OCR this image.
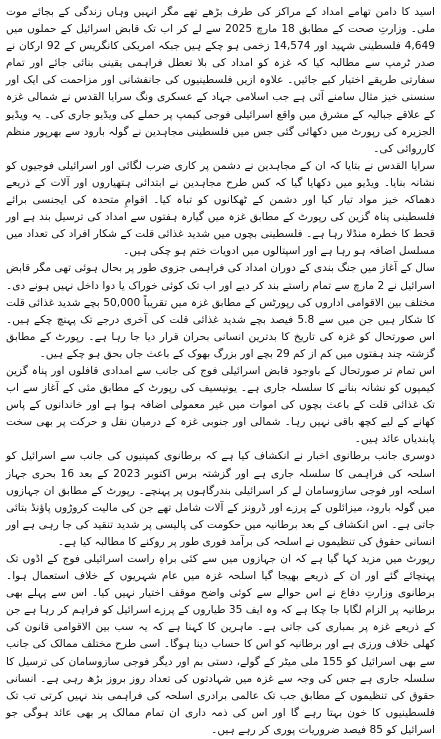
اسید کا دامن تھامے امداد کے مراکز کی طرف بڑھے تھے مگر انہیں وہاں زندگی کے بجائے موت ملی۔ وزارتِ صحت کے مطابق 18 مارچ 2025 سے لے کر اب تک قابض اسرائیل کے حملوں میں 4,649 فلسطینی شہید اور 14,574 زخمی ہو چکے ہیں جبکہ امریکی کانگریس کے 92 ارکان نے صدر ٹرمپ سے مطالبہ کیا کہ غزہ کو امداد کی بلا تعطل فراہمی یقینی بنائی جائے اور تمام سفارتی طریقے اختیار کیے جائیں۔ علاوہ ازیں فلسطینیوں کی جانفشانی اور مزاحمت کی ایک اور سنسنی خیز مثال سامنے آئی ہے جب اسلامی جہاد کے عسکری ونگ سرایا القدس نے شمالی غزہ کے علاقے جبالیہ کے مشرق میں واقع اسرائیلی فوجی کیمپ پر حملے کی ویڈیو جاری کی۔ یہ ویڈیو الجزیرہ کی رپورٹ میں دکھائی گئی جس میں فلسطینی مجاہدین نے گولہ بارود سے بھرپور منظم کارروائی کی۔

سرایا القدس نے بتایا کہ ان کے مجاہدین نے دشمن پر کاری ضرب لگائی اور اسرائیلی فوجیوں کو نشانہ بنایا۔ ویڈیو میں دکھایا گیا کہ کس طرح مجاہدین نے ابتدائی ہتھیاروں اور آلات کے ذریعے دھماکہ خیز مواد تیار کیا اور دشمن کے ٹھکانوں کو تباہ کیا۔ اقوامِ متحدہ کی ایجنسی برائے فلسطینی پناہ گزین کی رپورٹ کے مطابق غزہ میں گیارہ ہفتوں سے امداد کی ترسیل بند ہے اور قحط کا خطرہ منڈلا رہا ہے۔ فلسطینی بچوں میں شدید غذائی قلت کے شکار افراد کی تعداد میں مسلسل اضافہ ہو رہا ہے اور اسپتالوں میں ادویات ختم ہو چکی ہیں۔

سال کے آغاز میں جنگ بندی کے دوران امداد کی فراہمی جزوی طور پر بحال ہوئی تھی مگر قابض اسرائیل نے 2 مارچ سے تمام راستے بند کر دیے اور اب تک کوئی خوراک یا دوا داخل نہیں ہونے دی۔ مختلف بین الاقوامی اداروں کی رپورٹس کے مطابق غزہ میں تقریباً 50,000 بچے شدید غذائی قلت کا شکار ہیں جن میں سے 5.8 فیصد بچے شدید غذائی قلت کی آخری درجے تک پہنچ چکے ہیں۔ اس صورتحال کو غزہ کی تاریخ کا بدترین انسانی بحران قرار دیا جا رہا ہے۔ رپورٹ کے مطابق گزشتہ چند ہفتوں میں کم از کم 29 بچے اور بزرگ بھوک کے باعث جاں بحق ہو چکے ہیں۔

اس تمام تر صورتحال کے باوجود قابض اسرائیلی فوج کی جانب سے امدادی قافلوں اور پناہ گزین کیمپوں کو نشانہ بنانے کا سلسلہ جاری ہے۔ یونیسیف کی رپورٹ کے مطابق مئی کے آغاز سے اب تک غذائی قلت کے باعث بچوں کی اموات میں غیر معمولی اضافہ ہوا ہے اور خاندانوں کے پاس کھانے کے لیے کچھ باقی نہیں رہا۔ شمالی اور جنوبی غزہ کے درمیان نقل و حرکت پر بھی سخت پابندیاں عائد ہیں۔

دوسری جانب برطانوی اخبار نے انکشاف کیا ہے کہ برطانوی کمپنیوں کی جانب سے اسرائیل کو اسلحہ کی فراہمی کا سلسلہ جاری ہے اور گزشتہ برس اکتوبر 2023 کے بعد 16 بحری جہاز اسلحہ اور فوجی سازوسامان لے کر اسرائیلی بندرگاہوں پر پہنچے۔ رپورٹ کے مطابق ان جہازوں میں گولہ بارود، میزائلوں کے پرزے اور ڈرونز کے آلات شامل تھے جن کی مالیت کروڑوں پاؤنڈ بتائی جاتی ہے۔ اس انکشاف کے بعد برطانیہ میں حکومت کی پالیسی پر شدید تنقید کی جا رہی ہے اور انسانی حقوق کی تنظیموں نے اسلحہ کی برآمد فوری طور پر روکنے کا مطالبہ کیا ہے۔

رپورٹ میں مزید کہا گیا ہے کہ ان جہازوں میں سے کئی براہِ راست اسرائیلی فوج کے اڈوں تک پہنچائے گئے اور ان کے ذریعے بھیجا گیا اسلحہ غزہ میں عام شہریوں کے خلاف استعمال ہوا۔ برطانوی وزارتِ دفاع نے اس حوالے سے کوئی واضح موقف اختیار نہیں کیا۔ اس سے پہلے بھی برطانیہ پر الزام لگایا جا چکا ہے کہ وہ ایف 35 طیاروں کے پرزے اسرائیل کو فراہم کر رہا ہے جن کے ذریعے غزہ پر بمباری کی جاتی ہے۔ ماہرین کا کہنا ہے کہ یہ سب بین الاقوامی قانون کی کھلی خلاف ورزی ہے اور برطانیہ کو اس کا حساب دینا ہوگا۔ اسی طرح مختلف ممالک کی جانب سے بھی اسرائیل کو 155 ملی میٹر کے گولے، دستی بم اور دیگر فوجی سازوسامان کی ترسیل کا سلسلہ جاری ہے جس کی وجہ سے غزہ میں شہادتوں کی تعداد روز بروز بڑھ رہی ہے۔ انسانی حقوق کی تنظیموں کے مطابق جب تک عالمی برادری اسلحہ کی فراہمی بند نہیں کرتی تب تک فلسطینیوں کا خون بہتا رہے گا اور اس کی ذمہ داری ان تمام ممالک پر بھی عائد ہوگی جو اسرائیل کو 85 فیصد ضروریات پوری کر رہے ہیں۔
